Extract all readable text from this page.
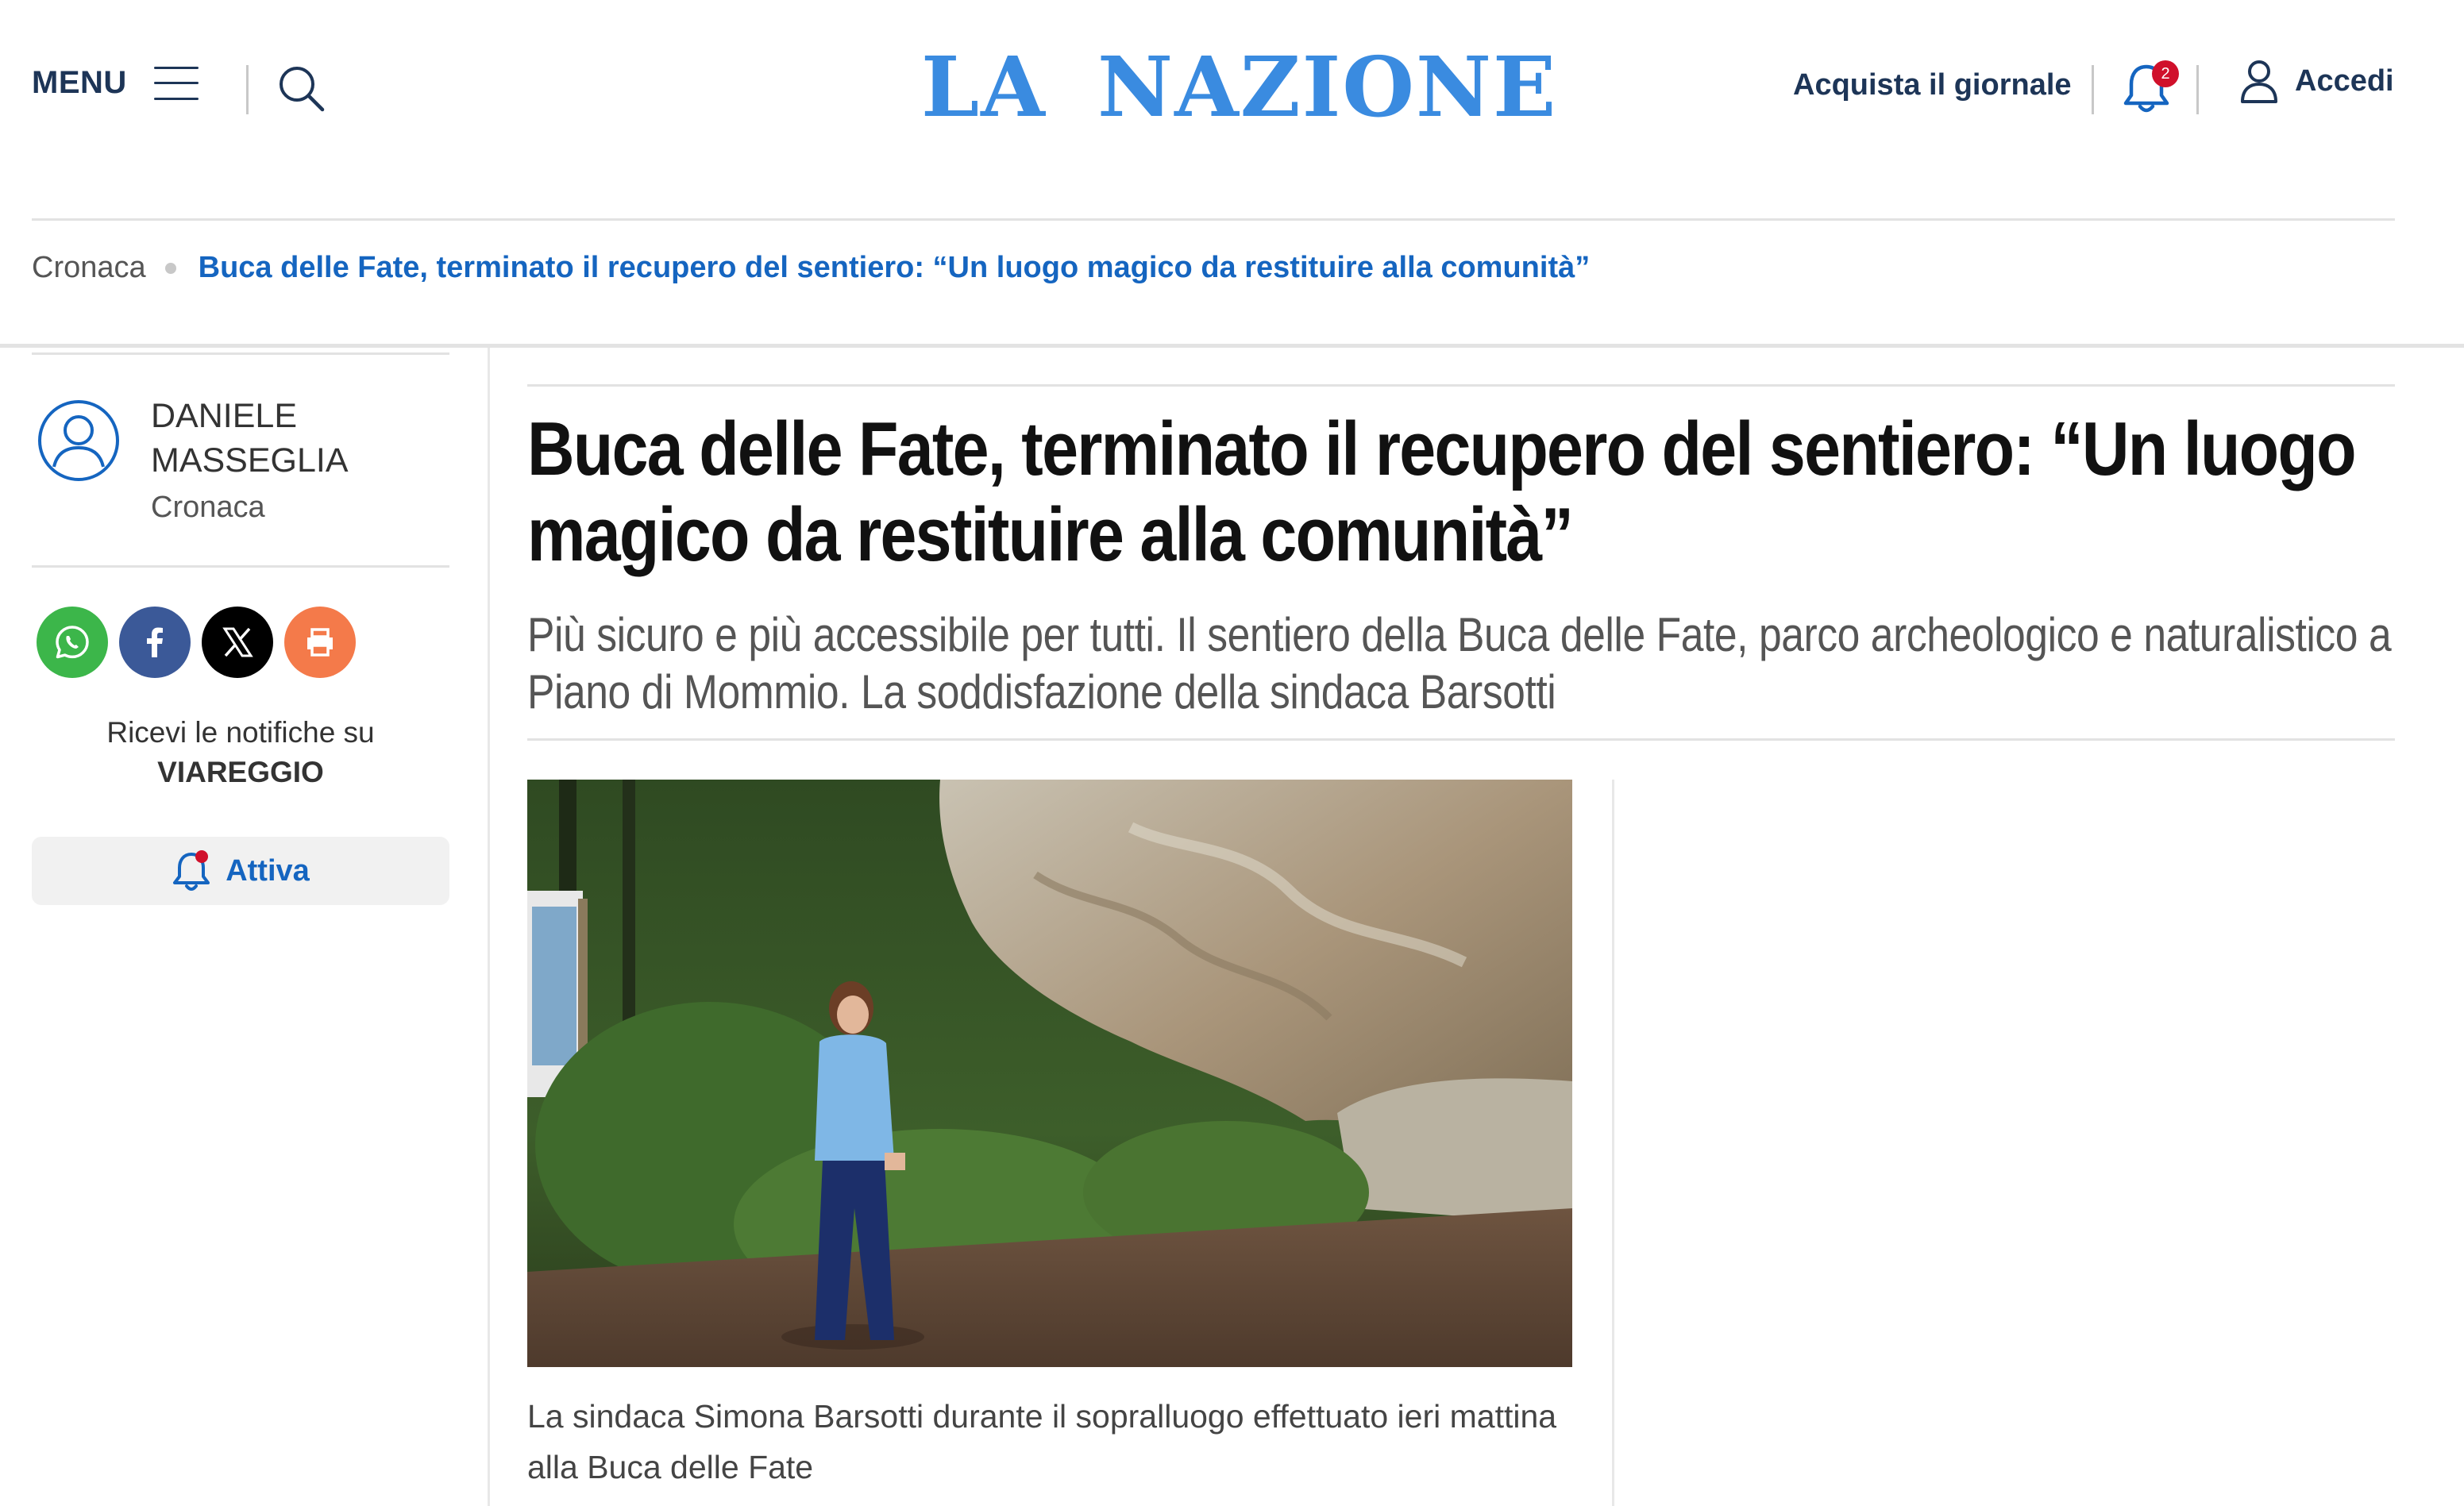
MENU	LA NAZIONE	Acquista il giornale	2	Accedi
Cronaca Buca delle Fate, terminato il recupero del sentiero: “Un luogo magico da restituire alla comunità”
DANIELE MASSEGLIA
Cronaca
Ricevi le notifiche su
VIAREGGIO
Attiva
Buca delle Fate, terminato il recupero del sentiero: “Un luogo magico da restituire alla comunità”

Più sicuro e più accessibile per tutti. Il sentiero della Buca delle Fate, parco archeologico e naturalistico a Piano di Mommio. La soddisfazione della sindaca Barsotti

La sindaca Simona Barsotti durante il sopralluogo effettuato ieri mattina alla Buca delle Fate
